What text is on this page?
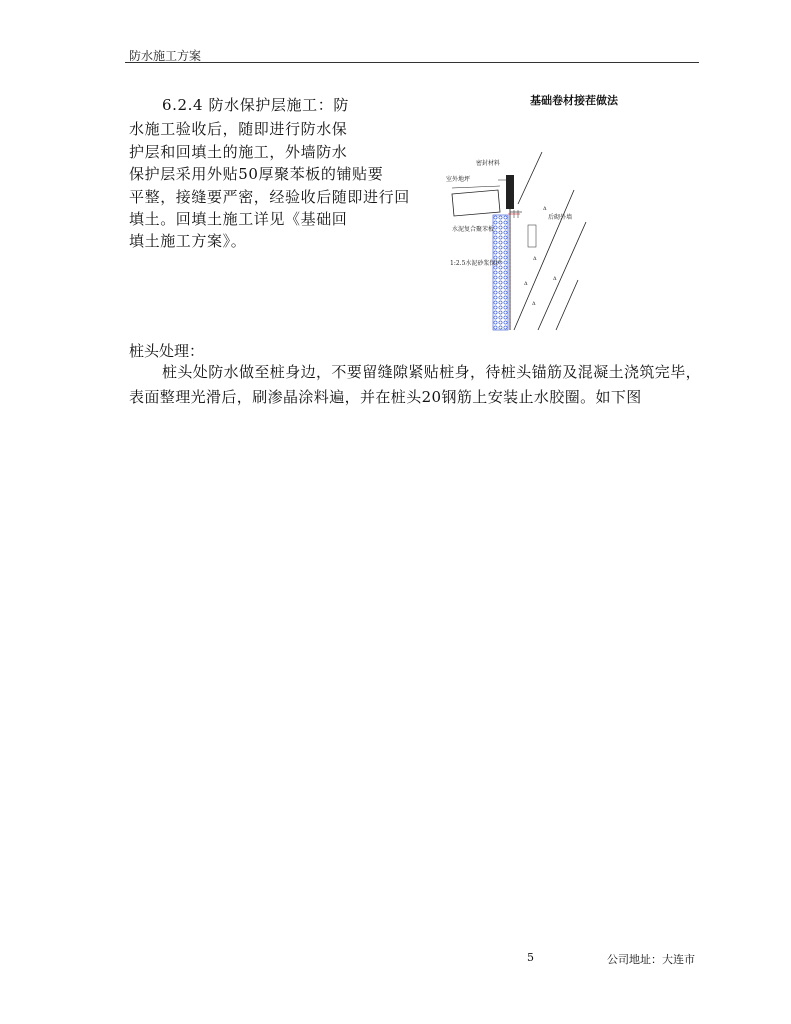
防水施工方案
6.2.4 防水保护层施工：防
水施工验收后，随即进行防水保
护层和回填土的施工，外墙防水
保护层采用外贴50厚聚苯板的铺贴要
平整，接缝要严密，经验收后随即进行回
填土。回填土施工详见《基础回
填土施工方案》。
基础卷材接茬做法
Δ
Δ
Δ
Δ
Δ
密封材料
室外地坪
后砌外墙
水泥复合聚苯板
1:2.5水泥砂浆保护
桩头处理：
桩头处防水做至桩身边，不要留缝隙紧贴桩身，待桩头锚筋及混凝土浇筑完毕，
表面整理光滑后，刷渗晶涂料遍，并在桩头20钢筋上安装止水胶圈。如下图
5	公司地址：大连市
